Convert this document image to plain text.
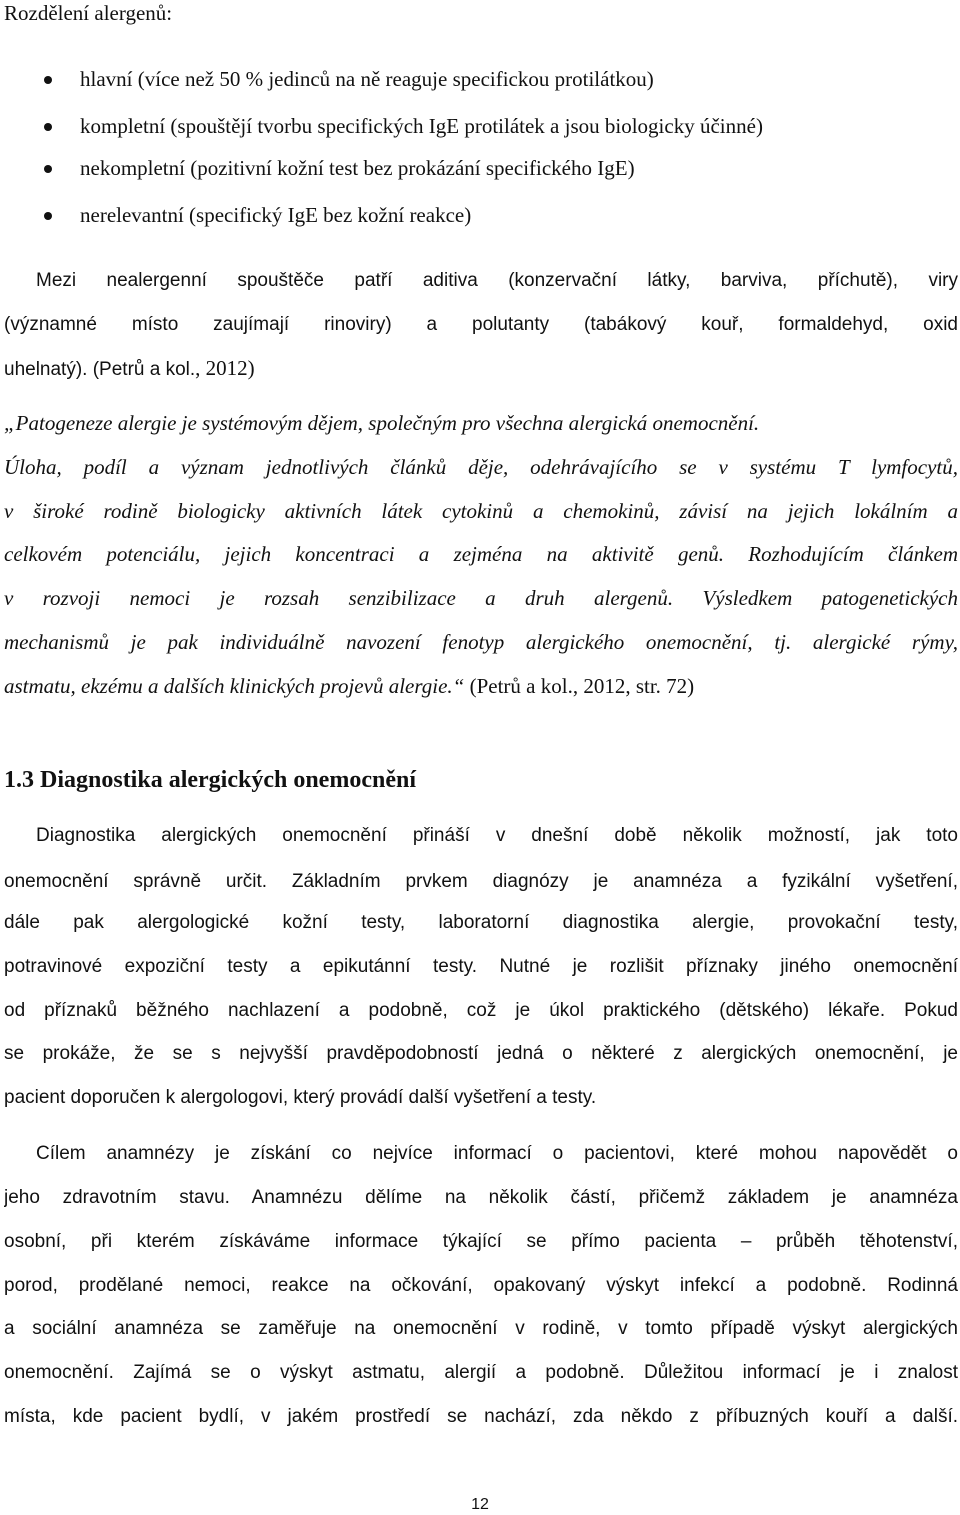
Rozdělení alergenů:
hlavní (více než 50 % jedinců na ně reaguje specifickou protilátkou)
kompletní (spouštějí tvorbu specifických IgE protilátek a jsou biologicky účinné)
nekompletní (pozitivní kožní test bez prokázání specifického IgE)
nerelevantní (specifický IgE bez kožní reakce)
Mezi nealergenní spouštěče patří aditiva (konzervační látky, barviva, příchutě), viry
(významné místo zaujímají rinoviry) a polutanty (tabákový kouř, formaldehyd, oxid
uhelnatý). (Petrů a kol., 2012)
„Patogeneze alergie je systémovým dějem, společným pro všechna alergická onemocnění.
Úloha, podíl a význam jednotlivých článků děje, odehrávajícího se v systému T lymfocytů,
v široké rodině biologicky aktivních látek cytokinů a chemokinů, závisí na jejich lokálním a
celkovém potenciálu, jejich koncentraci a zejména na aktivitě genů. Rozhodujícím článkem
v rozvoji nemoci je rozsah senzibilizace a druh alergenů. Výsledkem patogenetických
mechanismů je pak individuálně navození fenotyp alergického onemocnění, tj. alergické rýmy,
astmatu, ekzému a dalších klinických projevů alergie.“ (Petrů a kol., 2012, str. 72)
1.3 Diagnostika alergických onemocnění
Diagnostika alergických onemocnění přináší v dnešní době několik možností, jak toto
onemocnění správně určit. Základním prvkem diagnózy je anamnéza a fyzikální vyšetření,
dále pak alergologické kožní testy, laboratorní diagnostika alergie, provokační testy,
potravinové expoziční testy a epikutánní testy. Nutné je rozlišit příznaky jiného onemocnění
od příznaků běžného nachlazení a podobně, což je úkol praktického (dětského) lékaře. Pokud
se prokáže, že se s nejvyšší pravděpodobností jedná o některé z alergických onemocnění, je
pacient doporučen k alergologovi, který provádí další vyšetření a testy.
Cílem anamnézy je získání co nejvíce informací o pacientovi, které mohou napovědět o
jeho zdravotním stavu. Anamnézu dělíme na několik částí, přičemž základem je anamnéza
osobní, při kterém získáváme informace týkající se přímo pacienta – průběh těhotenství,
porod, prodělané nemoci, reakce na očkování, opakovaný výskyt infekcí a podobně. Rodinná
a sociální anamnéza se zaměřuje na onemocnění v rodině, v tomto případě výskyt alergických
onemocnění. Zajímá se o výskyt astmatu, alergií a podobně. Důležitou informací je i znalost
místa, kde pacient bydlí, v jakém prostředí se nachází, zda někdo z příbuzných kouří a další.
12
